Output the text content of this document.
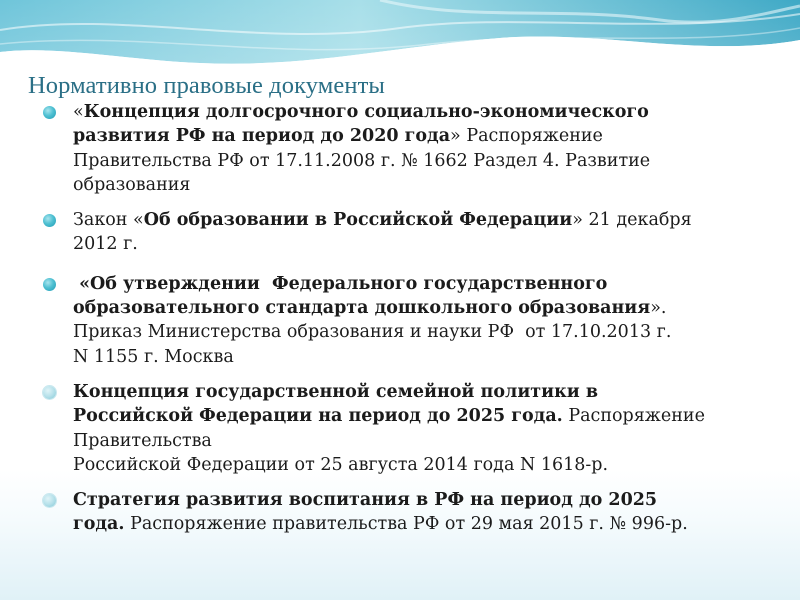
Нормативно правовые документы
«Концепция долгосрочного социально-экономического
развития РФ на период до 2020 года» Распоряжение
Правительства РФ от 17.11.2008 г. № 1662 Раздел 4. Развитие
образования
Закон «Об образовании в Российской Федерации» 21 декабря
2012 г.
«Об утверждении  Федерального государственного
образовательного стандарта дошкольного образования».
Приказ Министерства образования и науки РФ  от 17.10.2013 г.
N 1155 г. Москва
Концепция государственной семейной политики в
Российской Федерации на период до 2025 года. Распоряжение
Правительства
Российской Федерации от 25 августа 2014 года N 1618-р.
Стратегия развития воспитания в РФ на период до 2025
года. Распоряжение правительства РФ от 29 мая 2015 г. № 996-р.
